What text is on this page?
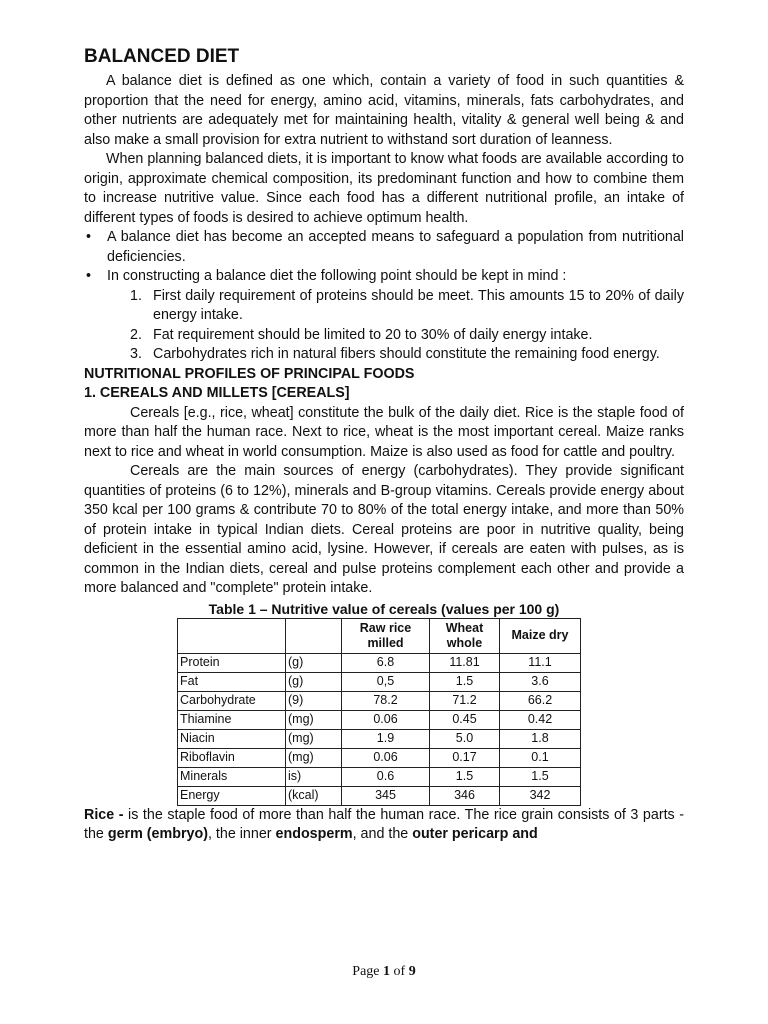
BALANCED DIET

A balance diet is defined as one which, contain a variety of food in such quantities & proportion that the need for energy, amino acid, vitamins, minerals, fats carbohydrates, and other nutrients are adequately met for maintaining health, vitality & general well being & and also make a small provision for extra nutrient to withstand sort duration of leanness.

When planning balanced diets, it is important to know what foods are available according to origin, approximate chemical composition, its predominant function and how to combine them to increase nutritive value. Since each food has a different nutritional profile, an intake of different types of foods is desired to achieve optimum health.

• A balance diet has become an accepted means to safeguard a population from nutritional deficiencies.
• In constructing a balance diet the following point should be kept in mind :
1. First daily requirement of proteins should be meet. This amounts 15 to 20% of daily energy intake.
2. Fat requirement should be limited to 20 to 30% of daily energy intake.
3. Carbohydrates rich in natural fibers should constitute the remaining food energy.

NUTRITIONAL PROFILES OF PRINCIPAL FOODS

1. CEREALS AND MILLETS [CEREALS]

Cereals [e.g., rice, wheat] constitute the bulk of the daily diet. Rice is the staple food of more than half the human race. Next to rice, wheat is the most important cereal. Maize ranks next to rice and wheat in world consumption. Maize is also used as food for cattle and poultry.

Cereals are the main sources of energy (carbohydrates). They provide significant quantities of proteins (6 to 12%), minerals and B-group vitamins. Cereals provide energy about 350 kcal per 100 grams & contribute 70 to 80% of the total energy intake, and more than 50% of protein intake in typical Indian diets. Cereal proteins are poor in nutritive quality, being deficient in the essential amino acid, lysine. However, if cereals are eaten with pulses, as is common in the Indian diets, cereal and pulse proteins complement each other and provide a more balanced and "complete" protein intake.

Table 1 – Nutritive value of cereals (values per 100 g)
		Raw rice milled	Wheat whole	Maize dry
Protein	(g)	6.8	11.81	11.1
Fat	(g)	0,5	1.5	3.6
Carbohydrate	(9)	78.2	71.2	66.2
Thiamine	(mg)	0.06	0.45	0.42
Niacin	(mg)	1.9	5.0	1.8
Riboflavin	(mg)	0.06	0.17	0.1
Minerals	is)	0.6	1.5	1.5
Energy	(kcal)	345	346	342

Rice - is the staple food of more than half the human race. The rice grain consists of 3 parts - the germ (embryo), the inner endosperm, and the outer pericarp and

Page 1 of 9
